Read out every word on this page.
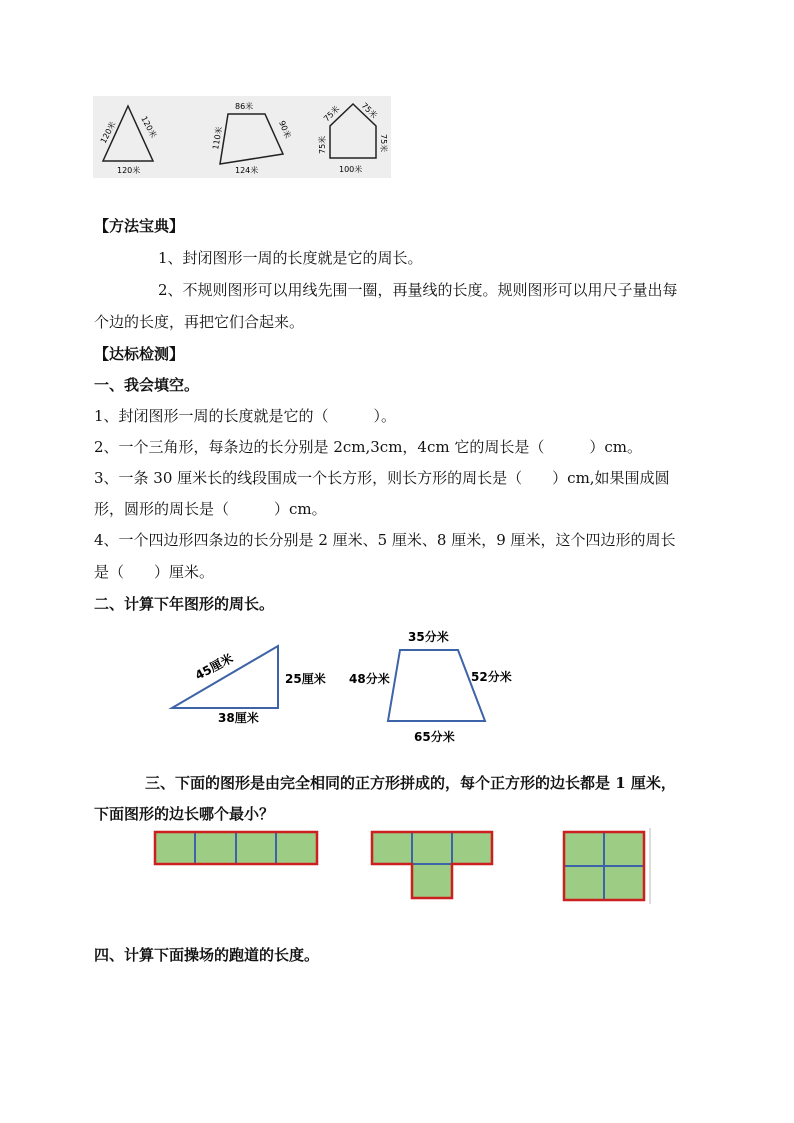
120米	120米
120米
86米
110米	90米
124米
75米 75米
75米	75米
100米
【方法宝典】
1、封闭图形一周的长度就是它的周长。
2、不规则图形可以用线先围一圈，再量线的长度。规则图形可以用尺子量出每
个边的长度，再把它们合起来。
【达标检测】
一、我会填空。
1、封闭图形一周的长度就是它的（　　　）。
2、一个三角形，每条边的长分别是 2cm,3cm，4cm 它的周长是（　　　）cm。
3、一条 30 厘米长的线段围成一个长方形，则长方形的周长是（　　）cm,如果围成圆
形，圆形的周长是（　　　）cm。
4、一个四边形四条边的长分别是 2 厘米、5 厘米、8 厘米，9 厘米，这个四边形的周长
是（　　）厘米。
二、计算下年图形的周长。
45厘米	25厘米
38厘米
35分米
48分米	52分米
65分米
三、下面的图形是由完全相同的正方形拼成的，每个正方形的边长都是 1 厘米，
下面图形的边长哪个最小？
四、计算下面操场的跑道的长度。
